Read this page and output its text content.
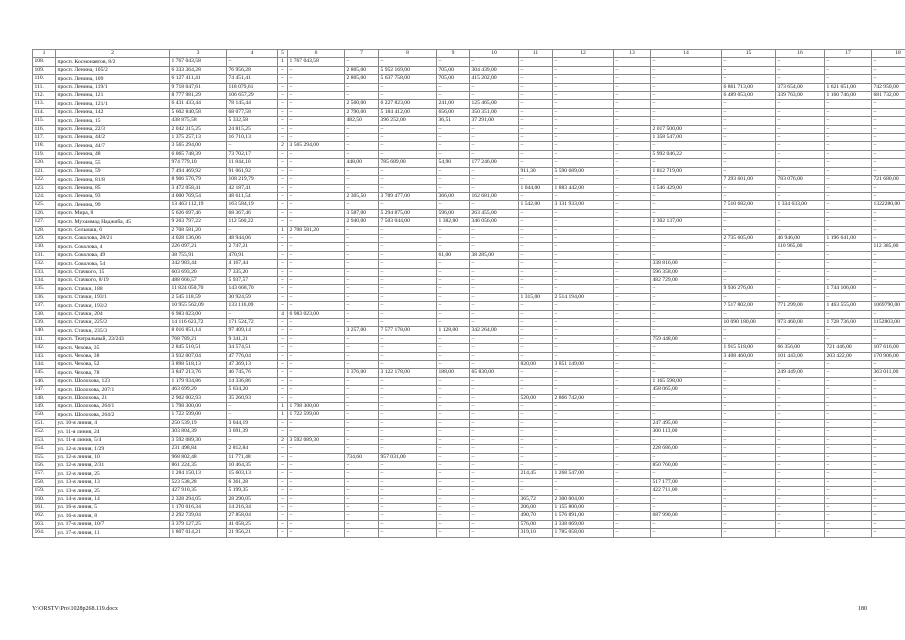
1	2	3	4	5	6	7	8	9	10	11	12	13	14	15	16	17	18
108.	просп. Космонавтов, 8/2	1 767 043,58	–	1	1 767 043,58	–	–	–	–	–	–	–	–	–	–	–	–
109.	просп. Ленина, 105/2	6 333 364,28	76 956,28	–	–	2 805,00	5 952 169,00	705,00	304 439,00	–	–	–	–	–	–	–	–
110.	просп. Ленина, 109	6 127 411,41	74 451,41	–	–	2 805,00	5 637 758,00	705,00	415 202,00	–	–	–	–	–	–	–	–
111.	просп. Ленина, 119/1	9 718 047,61	118 079,61	–	–	–	–	–	–	–	–	–	–	6 861 713,00	373 654,00	1 621 651,00	742 950,00
112.	просп. Ленина, 121	8 777 981,29	106 657,29	–	–	–	–	–	–	–	–	–	–	6 489 053,00	339 763,00	1 160 746,00	681 732,00
113.	просп. Ленина, 121/1	6 431 433,44	78 145,44	–	–	2 560,00	6 227 823,00	241,00	125 465,00	–	–	–	–	–	–	–	–
114.	просп. Ленина, 142	5 602 840,58	68 077,58	–	–	2 790,00	5 184 412,00	656,00	350 351,00	–	–	–	–	–	–	–	–
115.	просп. Ленина, 15	438 875,58	5 332,58	–	–	482,50	396 252,00	36,51	37 291,00	–	–	–	–	–	–	–	–
116.	просп. Ленина, 22/3	2 042 315,25	24 815,25	–	–	–	–	–	–	–	–	–	2 017 500,00	–	–	–	–
117.	просп. Ленина, 44/2	1 375 257,13	16 710,13	–	–	–	–	–	–	–	–	–	1 358 547,00	–	–	–	–
118.	просп. Ленина, 44/7	3 565 294,00	–	2	3 565 294,00	–	–	–	–	–	–	–	–	–	–	–	–
119.	просп. Ленина, 48	6 065 748,39	73 702,17	–	–	–	–	–	–	–	–	–	5 992 046,22	–	–	–	–
120.	просп. Ленина, 55	974 779,10	11 844,10	–	–	448,00	785 689,00	54,90	177 246,00	–	–	–	–	–	–	–	–
121.	просп. Ленина, 59	7 494 469,92	91 061,92	–	–	–	–	–	–	911,30	5 590 689,00	–	1 812 719,00	–	–	–	–
122.	просп. Ленина, 81/8	8 906 576,79	108 219,79	–	–	–	–	–	–	–	–	–	–	7 293 601,00	783 076,00	–	721 680,00
123.	просп. Ленина, 85	3 472 058,41	42 187,41	–	–	–	–	–	–	1 044,00	1 883 442,00	–	1 546 429,00	–	–	–	–
124.	просп. Ленина, 93	4 000 769,54	48 611,54	–	–	2 305,50	3 789 477,00	366,00	162 681,00	–	–	–	–	–	–	–	–
125.	просп. Ленина, 99	13 463 112,19	163 584,19	–	–	–	–	–	–	1 542,00	3 131 933,00	–	–	7 510 682,00	1 334 633,00	–	1322280,00
126.	просп. Мира, 8	5 626 697,46	68 367,46	–	–	3 587,00	5 294 875,00	596,00	263 455,00	–	–	–	–	–	–	–	–
127.	просп. Мухаммад Наджиба, 45	9 263 797,22	112 560,22	–	–	2 940,00	7 503 044,00	1 382,80	346 056,00	–	–	–	1 302 137,00	–	–	–	–
128.	просп. Сельмаш, 6	2 708 581,20	–	1	2 708 581,20	–	–	–	–	–	–	–	–	–	–	–	–
129.	просп. Соколова, 28/21	4 028 136,06	48 944,06	–	–	–	–	–	–	–	–	–	–	2 735 605,00	46 946,00	1 196 641,00	–
130.	просп. Соколова, 4	226 097,21	2 747,21	–	–	–	–	–	–	–	–	–	–	–	110 965,00	–	112 385,00
131.	просп. Соколова, 49	38 755,91	470,91	–	–	–	–	61,00	38 285,00	–	–	–	–	–	–	–	–
132.	просп. Соколова, 54	342 983,44	4 167,44	–	–	–	–	–	–	–	–	–	338 816,00	–	–	–	–
133.	просп. Стачкого, 15	603 693,20	7 335,20	–	–	–	–	–	–	–	–	–	596 358,00	–	–	–	–
134.	просп. Стачкого, 8/19	488 666,57	5 937,57	–	–	–	–	–	–	–	–	–	482 729,00	–	–	–	–
135.	просп. Стачки, 188	11 824 050,70	143 668,70	–	–	–	–	–	–	–	–	–	–	9 936 276,00	–	1 744 106,00	–
136.	просп. Стачки, 193/1	2 545 118,59	30 924,59	–	–	–	–	–	–	1 315,00	2 514 194,00	–	–	–	–	–	–
137.	просп. Стачки, 193/2	10 955 562,09	133 116,09	–	–	–	–	–	–	–	–	–	–	7 517 802,00	771 299,00	1 463 555,00	1069790,00
138.	просп. Стачки, 204	6 983 023,00	–	4	6 983 023,00	–	–	–	–	–	–	–	–	–	–	–	–
139.	просп. Стачки, 225/2	14 116 623,72	171 524,72	–	–	–	–	–	–	–	–	–	–	10 090 180,00	973 460,00	1 728 736,00	1152803,00
140.	просп. Стачки, 235/3	8 016 851,14	97 409,14	–	–	3 257,00	7 577 178,00	1 128,00	342 264,00	–	–	–	–	–	–	–	–
141.	просп. Театральный, 23/243	768 789,21	9 341,21	–	–	–	–	–	–	–	–	–	759 448,00	–	–	–	–
142.	просп. Чехова, 35	2 845 510,51	34 574,51	–	–	–	–	–	–	–	–	–	–	1 915 518,00	66 356,00	721 446,00	107 616,00
143.	просп. Чехова, 38	3 932 007,04	47 776,04	–	–	–	–	–	–	–	–	–	–	3 408 460,00	101 443,00	203 422,00	170 906,00
144.	просп. Чехова, 52	3 898 518,13	47 369,13	–	–	–	–	–	–	820,00	3 851 149,00	–	–	–	–	–	–
145.	просп. Чехова, 78	3 847 213,76	46 745,76	–	–	1 376,00	3 122 178,00	188,00	65 830,00	–	–	–	–	–	249 449,00	–	363 011,00
146.	просп. Шолохова, 123	1 179 934,86	14 336,86	–	–	–	–	–	–	–	–	–	1 165 598,00	–	–	–	–
147.	просп. Шолохова, 207/1	463 699,20	5 634,20	–	–	–	–	–	–	–	–	–	458 065,00	–	–	–	–
148.	просп. Шолохова, 21	2 902 002,93	35 260,93	–	–	–	–	–	–	520,00	2 866 742,00	–	–	–	–	–	–
149.	просп. Шолохова, 264/1	1 798 300,00	–	1	1 798 300,00	–	–	–	–	–	–	–	–	–	–	–	–
150.	просп. Шолохова, 264/2	1 722 599,00	–	1	1 722 599,00	–	–	–	–	–	–	–	–	–	–	–	–
151.	ул. 10-я линия, 4	250 539,19	3 044,19	–	–	–	–	–	–	–	–	–	247 495,00	–	–	–	–
152.	ул. 11-я линия, 24	303 804,39	3 691,39	–	–	–	–	–	–	–	–	–	300 113,00	–	–	–	–
153.	ул. 11-я линия, 5/4	3 592 089,30	–	2	3 592 089,30	–	–	–	–	–	–	–	–	–	–	–	–
154.	ул. 12-я линия, 1/29	231 498,84	2 812,84	–	–	–	–	–	–	–	–	–	228 686,00	–	–	–	–
155.	ул. 12-я линия, 10	968 802,48	11 771,48	–	–	734,60	957 031,00	–	–	–	–	–	–	–	–	–	–
156.	ул. 12-я линия, 2/31	861 224,35	10 464,35	–	–	–	–	–	–	–	–	–	850 760,00	–	–	–	–
157.	ул. 12-я линия, 25	1 284 150,13	15 603,13	–	–	–	–	–	–	214,45	1 268 547,00	–	–	–	–	–	–
158.	ул. 13-я линия, 13	523 538,28	6 361,28	–	–	–	–	–	–	–	–	–	517 177,00	–	–	–	–
159.	ул. 13-я линия, 25	427 910,35	5 199,35	–	–	–	–	–	–	–	–	–	422 711,00	–	–	–	–
160.	ул. 14-я линия, 14	2 328 294,05	28 290,05	–	–	–	–	–	–	365,72	2 300 004,00	–	–	–	–	–	–
161.	ул. 16-я линия, 5	1 170 016,34	14 216,34	–	–	–	–	–	–	206,00	1 155 800,00	–	–	–	–	–	–
162.	ул. 16-я линия, 8	2 292 739,04	27 858,04	–	–	–	–	–	–	490,70	1 576 891,00	–	687 990,00	–	–	–	–
163.	ул. 17-я линия, 10/7	3 379 127,25	41 058,25	–	–	–	–	–	–	576,00	3 338 069,00	–	–	–	–	–	–
164.	ул. 17-я линия, 11	1 807 014,21	21 956,21	–	–	–	–	–	–	319,10	1 785 058,00	–	–	–	–	–	–
Y:\ORSTV\Pro\1028p268.119.docx	180
